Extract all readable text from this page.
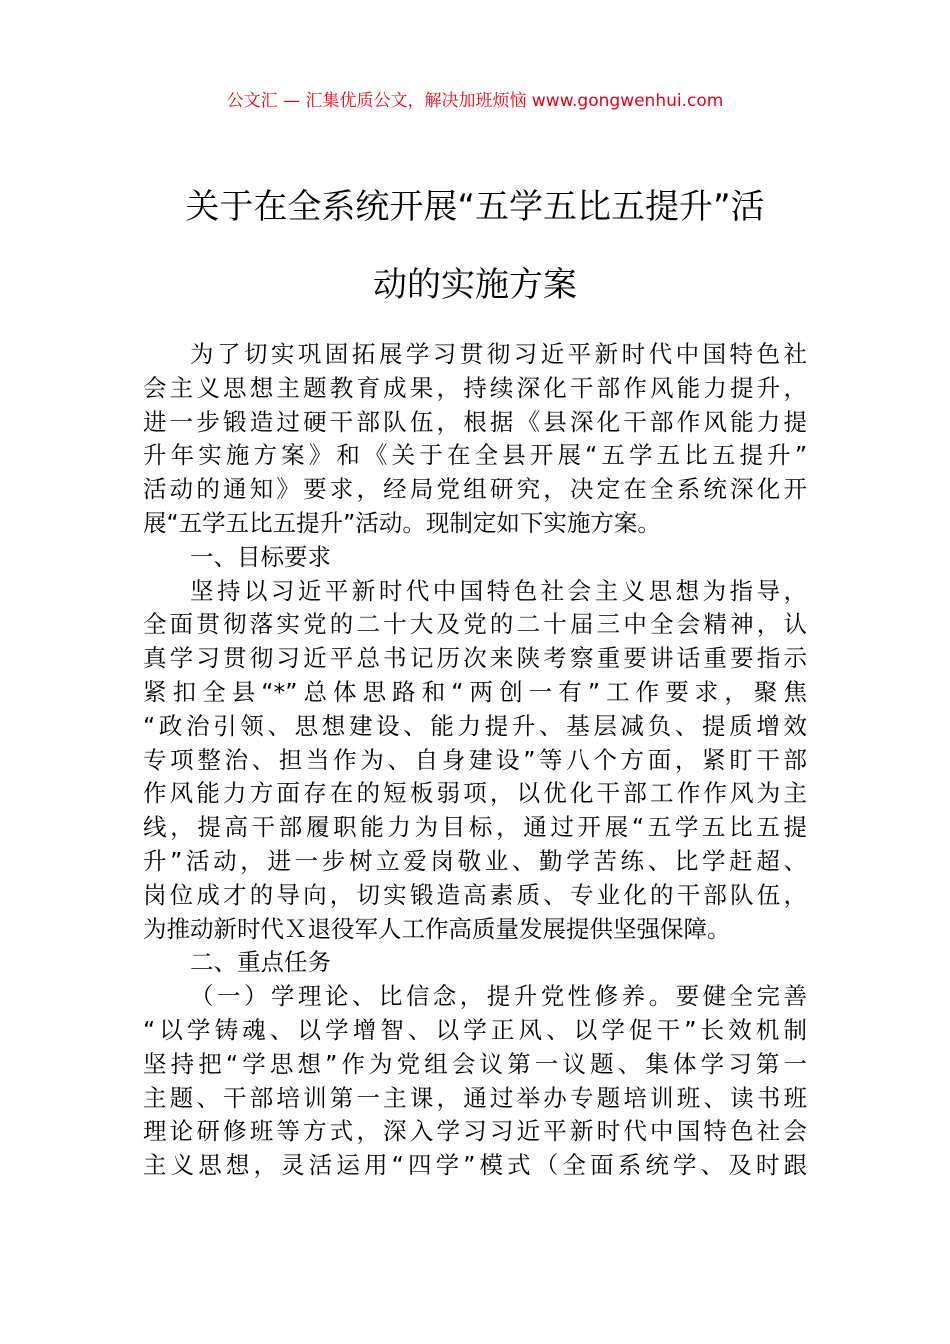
公文汇 — 汇集优质公文，解决加班烦恼 www.gongwenhui.com
关于在全系统开展“五学五比五提升”活
动的实施方案
为了切实巩固拓展学习贯彻习近平新时代中国特色社
会主义思想主题教育成果，持续深化干部作风能力提升，
进一步锻造过硬干部队伍，根据《县深化干部作风能力提
升年实施方案》和《关于在全县开展“五学五比五提升”
活动的通知》要求，经局党组研究，决定在全系统深化开
展“五学五比五提升”活动。现制定如下实施方案。
一、目标要求
坚持以习近平新时代中国特色社会主义思想为指导，
全面贯彻落实党的二十大及党的二十届三中全会精神，认
真学习贯彻习近平总书记历次来陕考察重要讲话重要指示
紧扣全县“*”总体思路和“两创一有”工作要求，聚焦
“政治引领、思想建设、能力提升、基层减负、提质增效
专项整治、担当作为、自身建设”等八个方面，紧盯干部
作风能力方面存在的短板弱项，以优化干部工作作风为主
线，提高干部履职能力为目标，通过开展“五学五比五提
升”活动，进一步树立爱岗敬业、勤学苦练、比学赶超、
岗位成才的导向，切实锻造高素质、专业化的干部队伍，
为推动新时代Ｘ退役军人工作高质量发展提供坚强保障。
二、重点任务
（一）学理论、比信念，提升党性修养。要健全完善
“以学铸魂、以学增智、以学正风、以学促干”长效机制
坚持把“学思想”作为党组会议第一议题、集体学习第一
主题、干部培训第一主课，通过举办专题培训班、读书班
理论研修班等方式，深入学习习近平新时代中国特色社会
主义思想，灵活运用“四学”模式（全面系统学、及时跟
